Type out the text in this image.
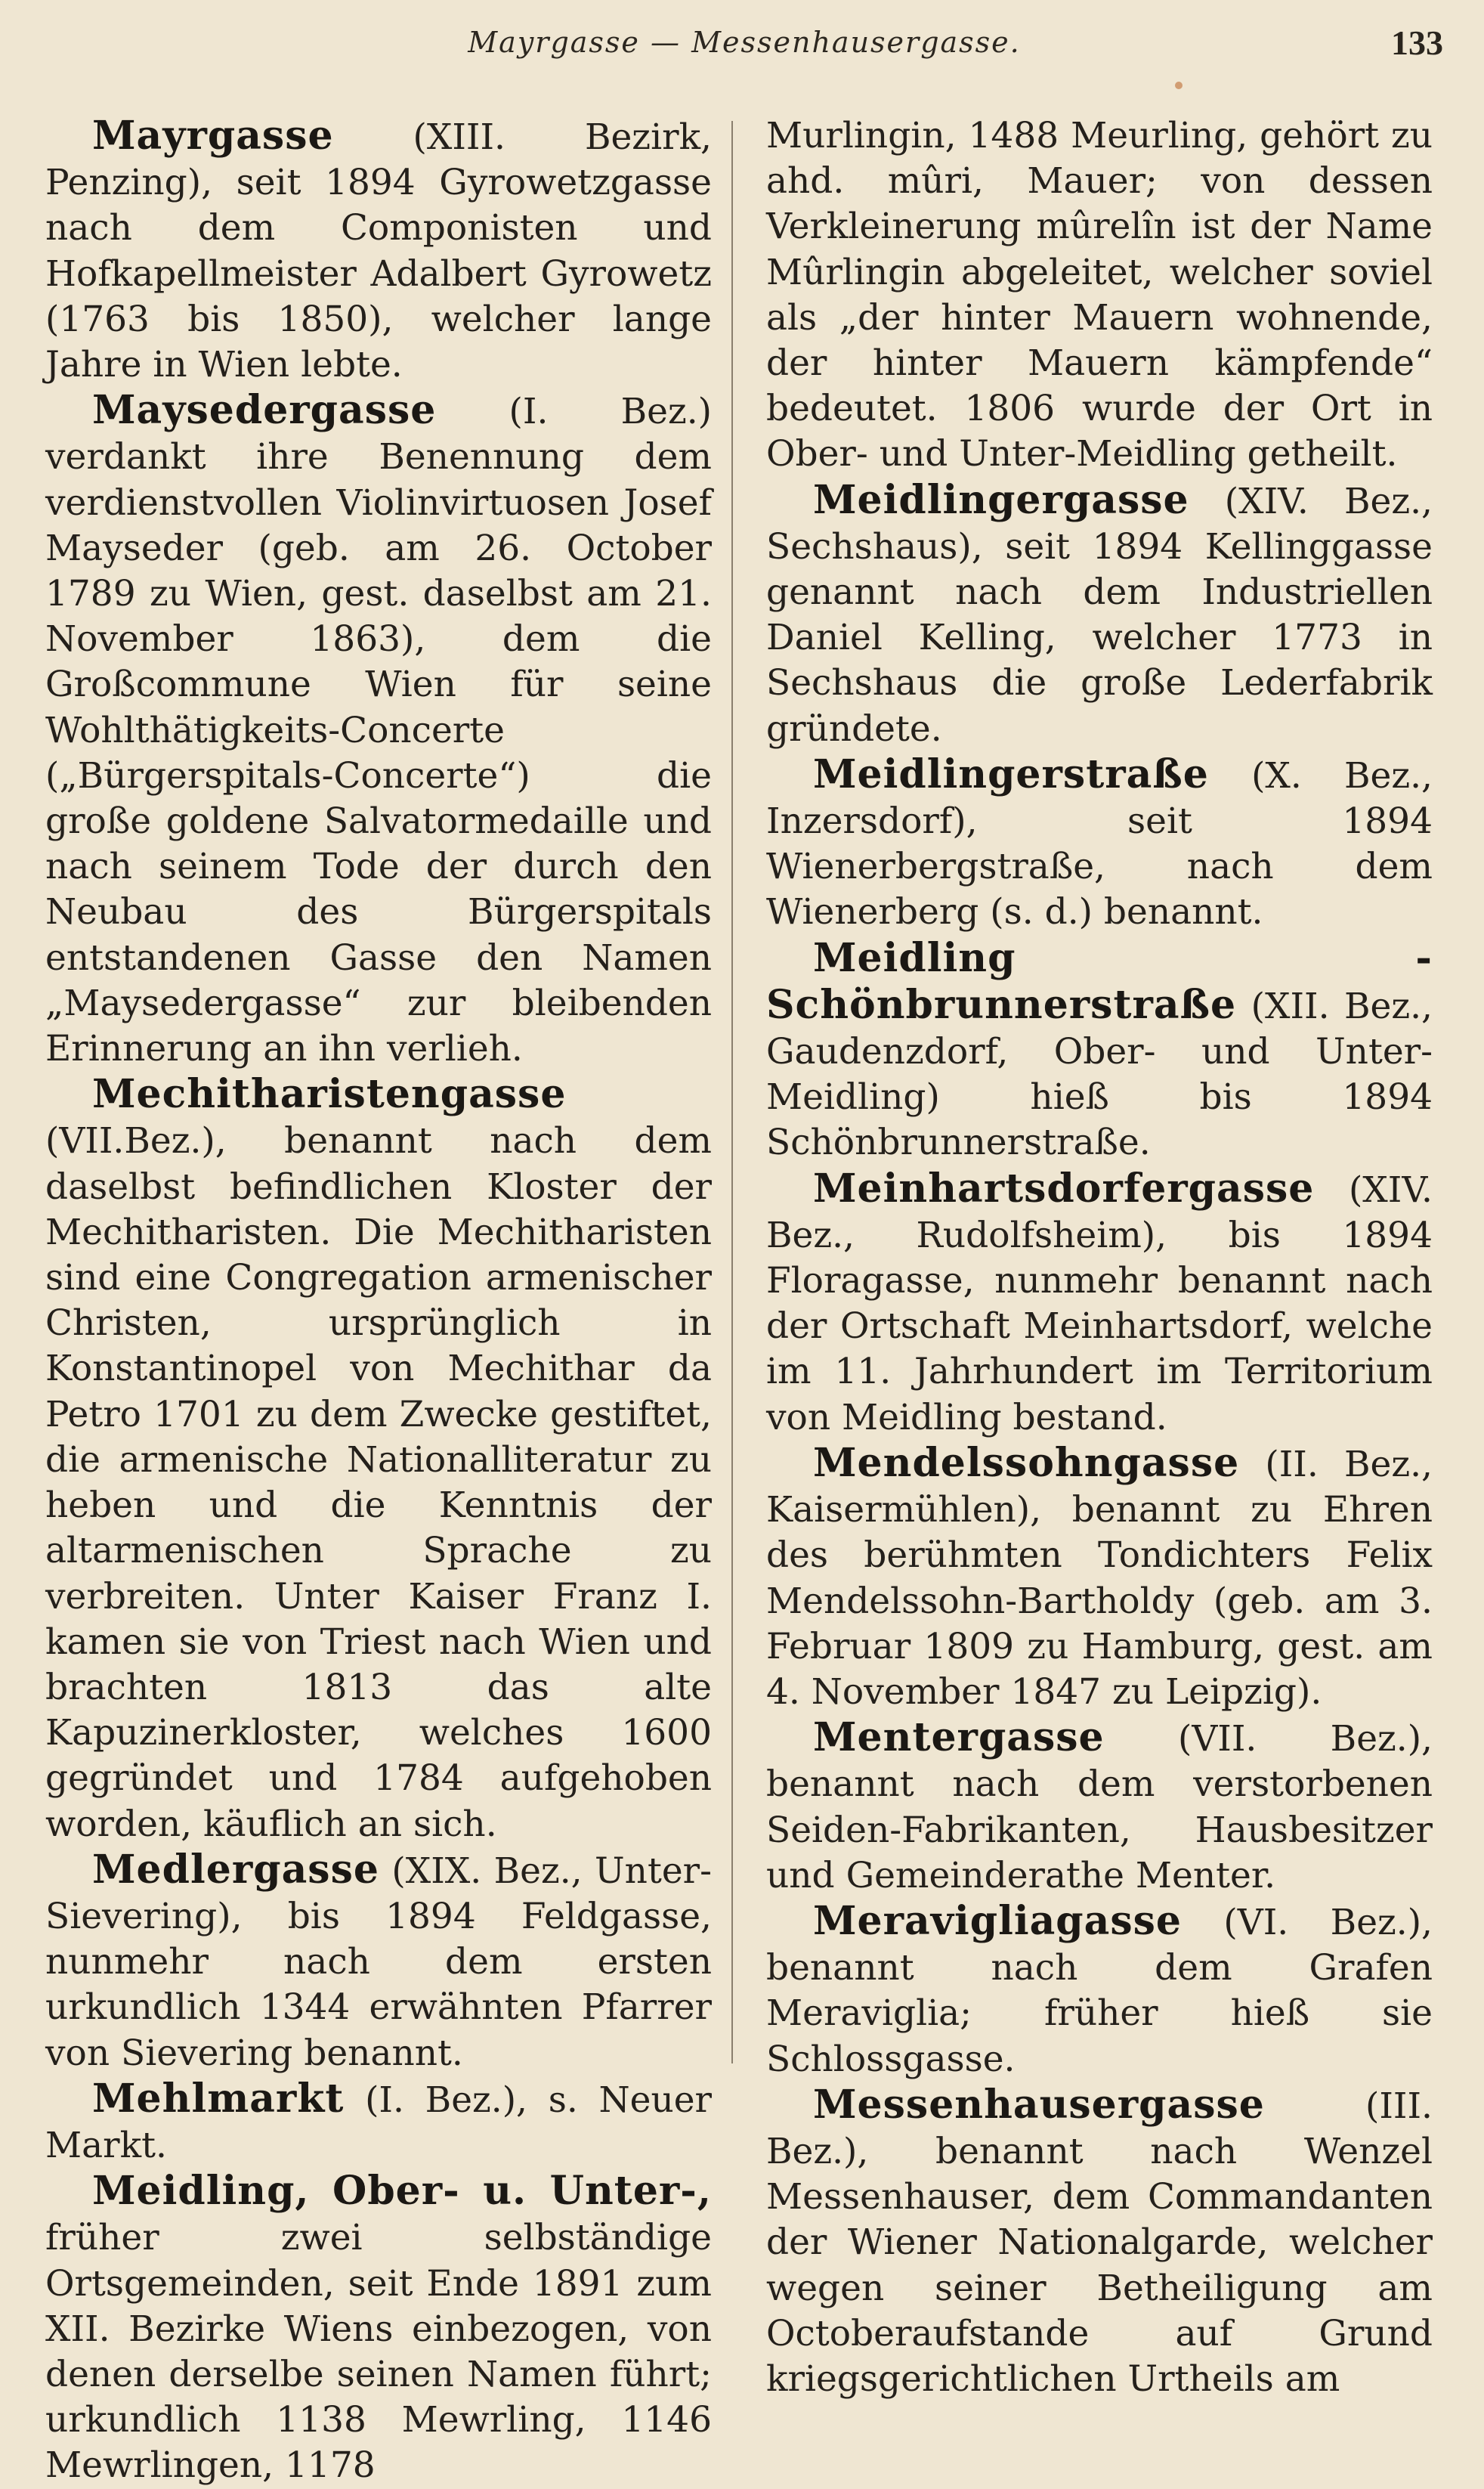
Mayrgasse — Messenhausergasse.	133

Mayrgasse (XIII. Bezirk, Penzing), seit 1894 Gyrowetzgasse nach dem Componisten und Hofkapellmeister Adalbert Gyrowetz (1763 bis 1850), welcher lange Jahre in Wien lebte.

Maysedergasse (I. Bez.) verdankt ihre Benennung dem verdienstvollen Violinvirtuosen Josef Mayseder (geb. am 26. October 1789 zu Wien, gest. daselbst am 21. November 1863), dem die Großcommune Wien für seine Wohlthätigkeits-Concerte („Bürgerspitals-Concerte“) die große goldene Salvatormedaille und nach seinem Tode der durch den Neubau des Bürgerspitals entstandenen Gasse den Namen „Maysedergasse“ zur bleibenden Erinnerung an ihn verlieh.

Mechitharistengasse (VII.Bez.), benannt nach dem daselbst befindlichen Kloster der Mechitharisten. Die Mechitharisten sind eine Congregation armenischer Christen, ursprünglich in Konstantinopel von Mechithar da Petro 1701 zu dem Zwecke gestiftet, die armenische Nationalliteratur zu heben und die Kenntnis der altarmenischen Sprache zu verbreiten. Unter Kaiser Franz I. kamen sie von Triest nach Wien und brachten 1813 das alte Kapuzinerkloster, welches 1600 gegründet und 1784 aufgehoben worden, käuflich an sich.

Medlergasse (XIX. Bez., Unter-Sievering), bis 1894 Feldgasse, nunmehr nach dem ersten urkundlich 1344 erwähnten Pfarrer von Sievering benannt.

Mehlmarkt (I. Bez.), s. Neuer Markt.

Meidling, Ober- u. Unter-, früher zwei selbständige Ortsgemeinden, seit Ende 1891 zum XII. Bezirke Wiens einbezogen, von denen derselbe seinen Namen führt; urkundlich 1138 Mewrling, 1146 Mewrlingen, 1178

Murlingin, 1488 Meurling, gehört zu ahd. mûri, Mauer; von dessen Verkleinerung mûrelîn ist der Name Mûrlingin abgeleitet, welcher soviel als „der hinter Mauern wohnende, der hinter Mauern kämpfende“ bedeutet. 1806 wurde der Ort in Ober- und Unter-Meidling getheilt.

Meidlingergasse (XIV. Bez., Sechshaus), seit 1894 Kellinggasse genannt nach dem Industriellen Daniel Kelling, welcher 1773 in Sechshaus die große Lederfabrik gründete.

Meidlingerstraße (X. Bez., Inzersdorf), seit 1894 Wienerbergstraße, nach dem Wienerberg (s. d.) benannt.

Meidling - Schönbrunnerstraße (XII. Bez., Gaudenzdorf, Ober- und Unter-Meidling) hieß bis 1894 Schönbrunnerstraße.

Meinhartsdorfergasse (XIV. Bez., Rudolfsheim), bis 1894 Floragasse, nunmehr benannt nach der Ortschaft Meinhartsdorf, welche im 11. Jahrhundert im Territorium von Meidling bestand.

Mendelssohngasse (II. Bez., Kaisermühlen), benannt zu Ehren des berühmten Tondichters Felix Mendelssohn-Bartholdy (geb. am 3. Februar 1809 zu Hamburg, gest. am 4. November 1847 zu Leipzig).

Mentergasse (VII. Bez.), benannt nach dem verstorbenen Seiden-Fabrikanten, Hausbesitzer und Gemeinderathe Menter.

Meravigliagasse (VI. Bez.), benannt nach dem Grafen Meraviglia; früher hieß sie Schlossgasse.

Messenhausergasse (III. Bez.), benannt nach Wenzel Messenhauser, dem Commandanten der Wiener Nationalgarde, welcher wegen seiner Betheiligung am Octoberaufstande auf Grund kriegsgerichtlichen Urtheils am
